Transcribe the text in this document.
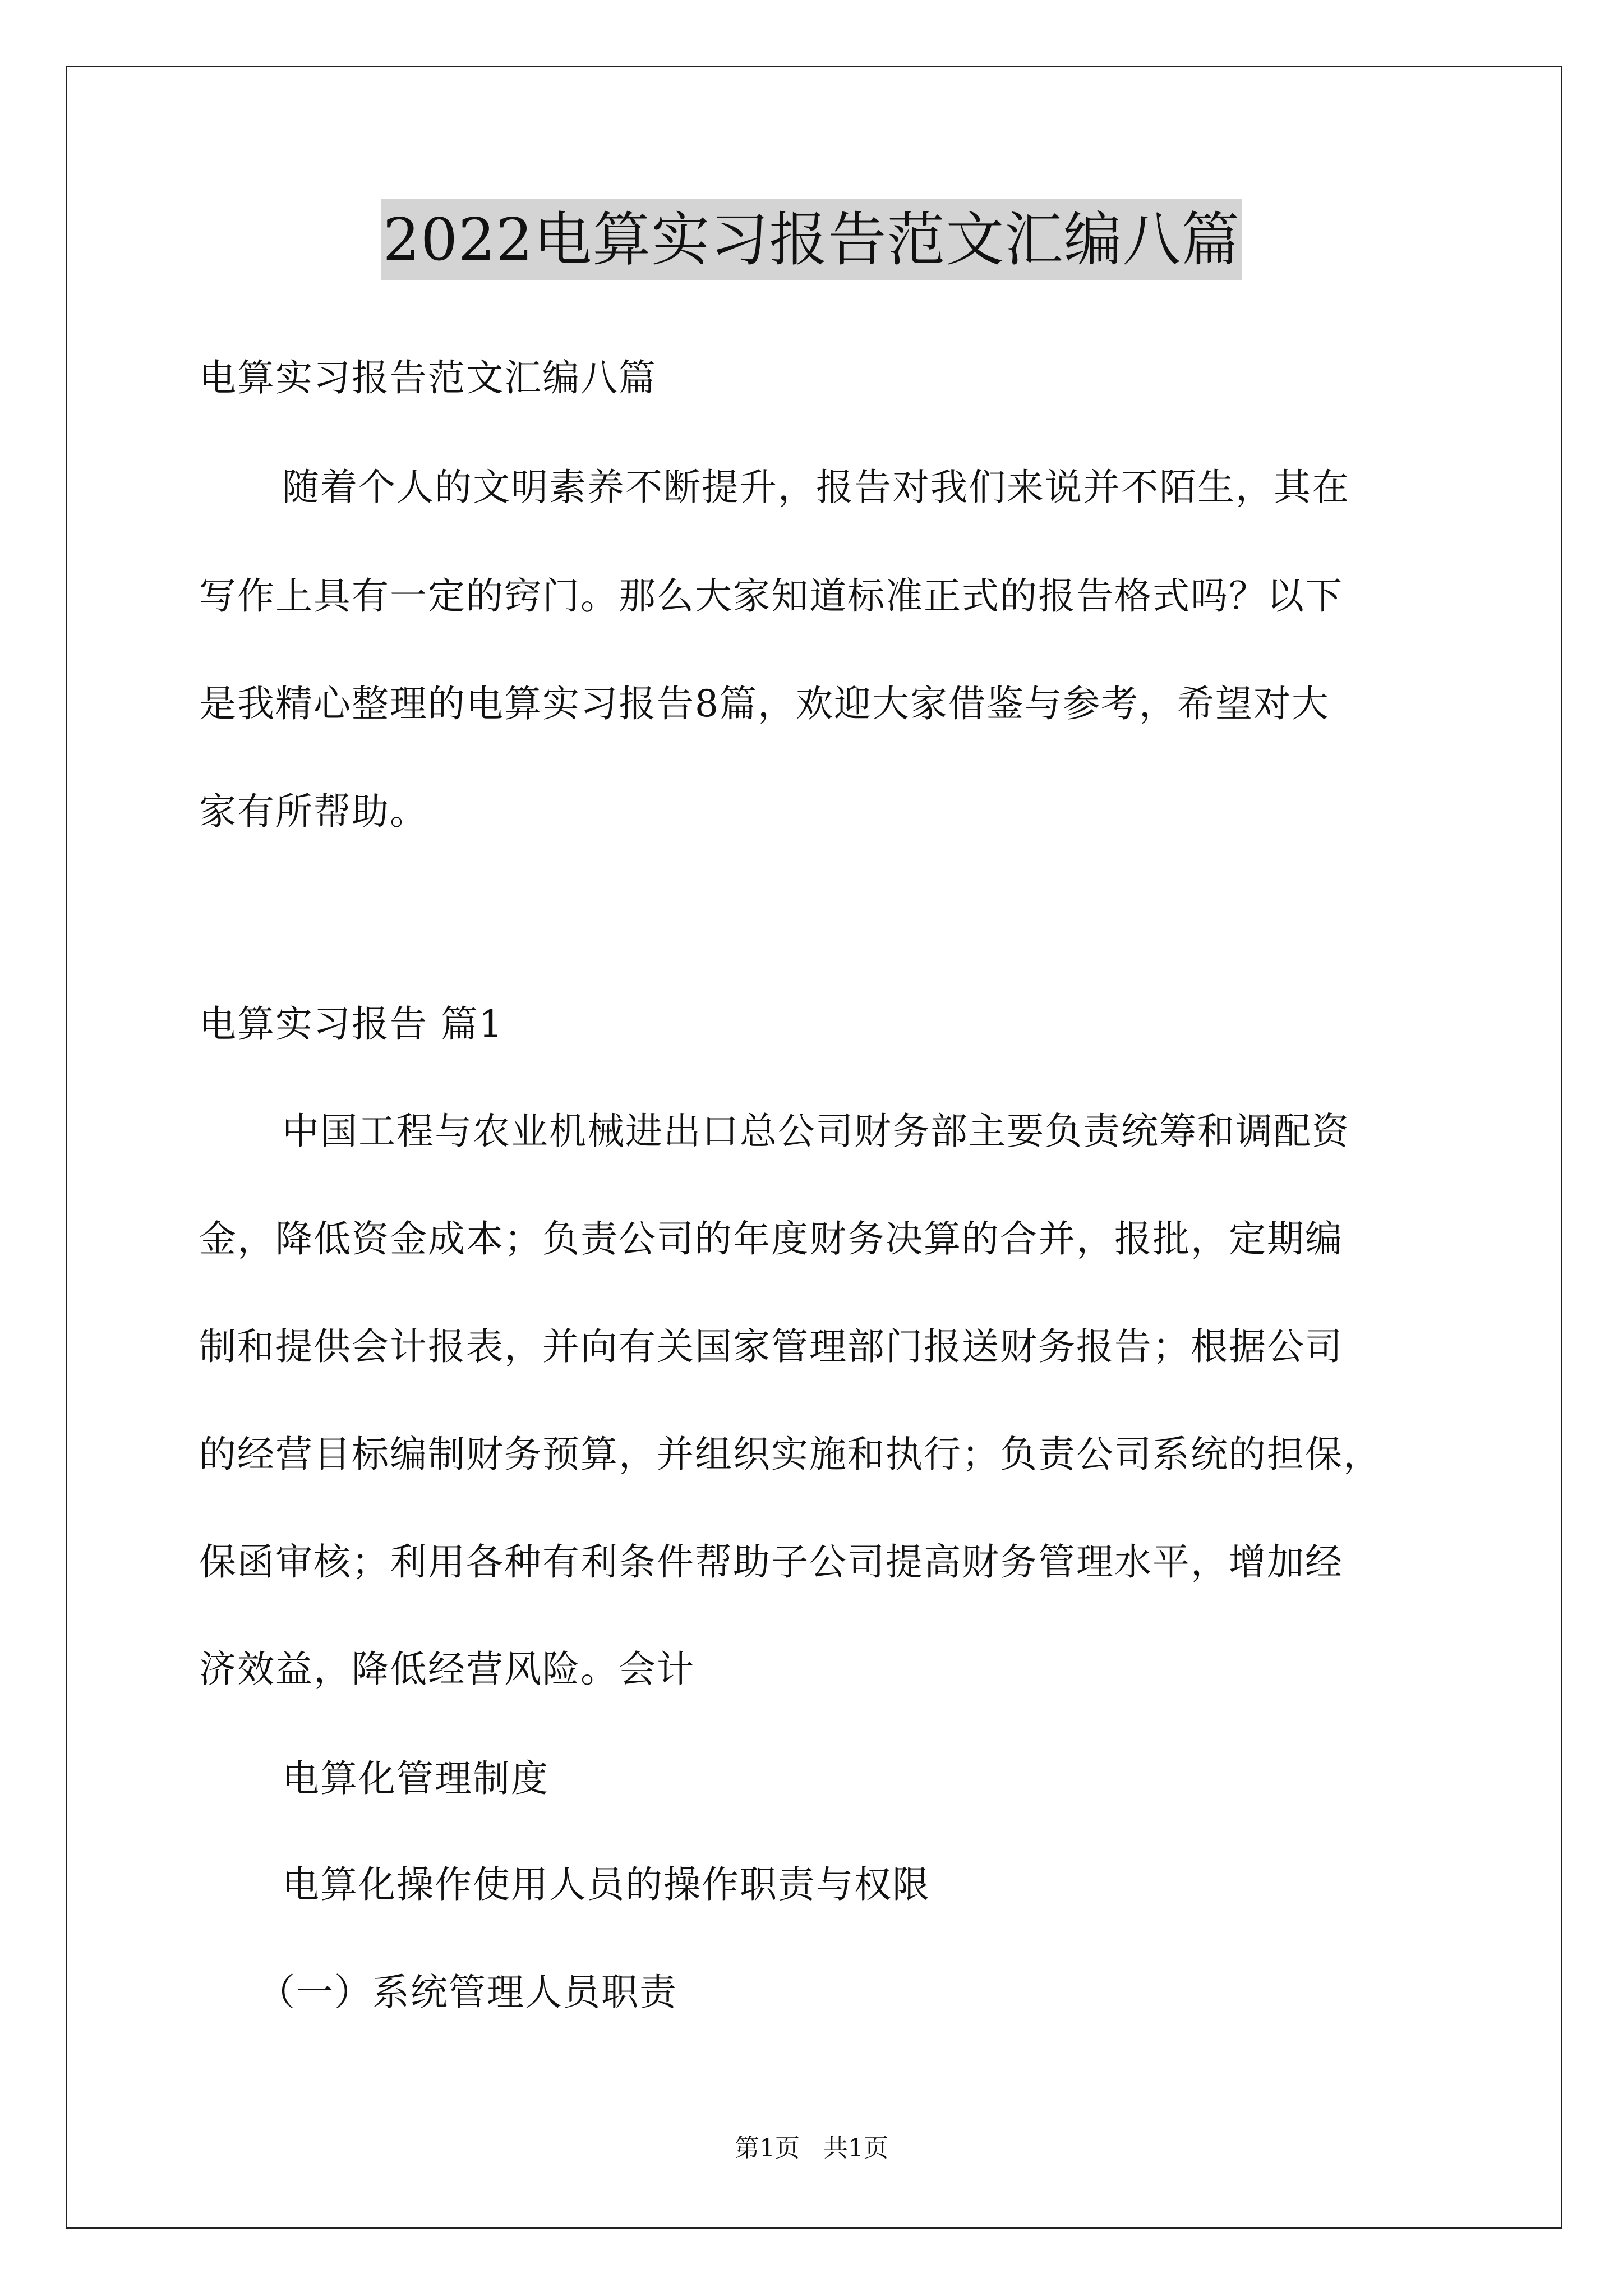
2022电算实习报告范文汇编八篇
电算实习报告范文汇编八篇
随着个人的文明素养不断提升，报告对我们来说并不陌生，其在
写作上具有一定的窍门。那么大家知道标准正式的报告格式吗？以下
是我精心整理的电算实习报告8篇，欢迎大家借鉴与参考，希望对大
家有所帮助。
电算实习报告 篇1
中国工程与农业机械进出口总公司财务部主要负责统筹和调配资
金，降低资金成本；负责公司的年度财务决算的合并，报批，定期编
制和提供会计报表，并向有关国家管理部门报送财务报告；根据公司
的经营目标编制财务预算，并组织实施和执行；负责公司系统的担保，
保函审核；利用各种有利条件帮助子公司提高财务管理水平，增加经
济效益，降低经营风险。会计
电算化管理制度
电算化操作使用人员的操作职责与权限
（一）系统管理人员职责
第1页   共1页
